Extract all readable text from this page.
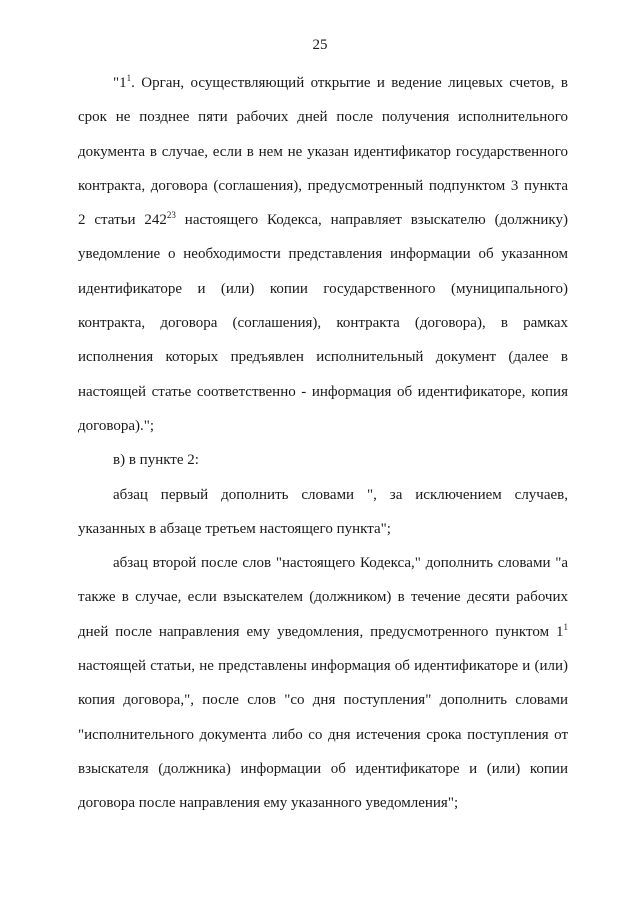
25

"$1^1$. Орган, осуществляющий открытие и ведение лицевых счетов, в срок не позднее пяти рабочих дней после получения исполнительного документа в случае, если в нем не указан идентификатор государственного контракта, договора (соглашения), предусмотренный подпунктом 3 пункта 2 статьи $242^{23}$ настоящего Кодекса, направляет взыскателю (должнику) уведомление о необходимости представления информации об указанном идентификаторе и (или) копии государственного (муниципального) контракта, договора (соглашения), контракта (договора), в рамках исполнения которых предъявлен исполнительный документ (далее в настоящей статье соответственно - информация об идентификаторе, копия договора).";

в) в пункте 2:

абзац первый дополнить словами ", за исключением случаев, указанных в абзаце третьем настоящего пункта";

абзац второй после слов "настоящего Кодекса," дополнить словами "а также в случае, если взыскателем (должником) в течение десяти рабочих дней после направления ему уведомления, предусмотренного пунктом $1^1$ настоящей статьи, не представлены информация об идентификаторе и (или) копия договора,", после слов "со дня поступления" дополнить словами "исполнительного документа либо со дня истечения срока поступления от взыскателя (должника) информации об идентификаторе и (или) копии договора после направления ему указанного уведомления";
